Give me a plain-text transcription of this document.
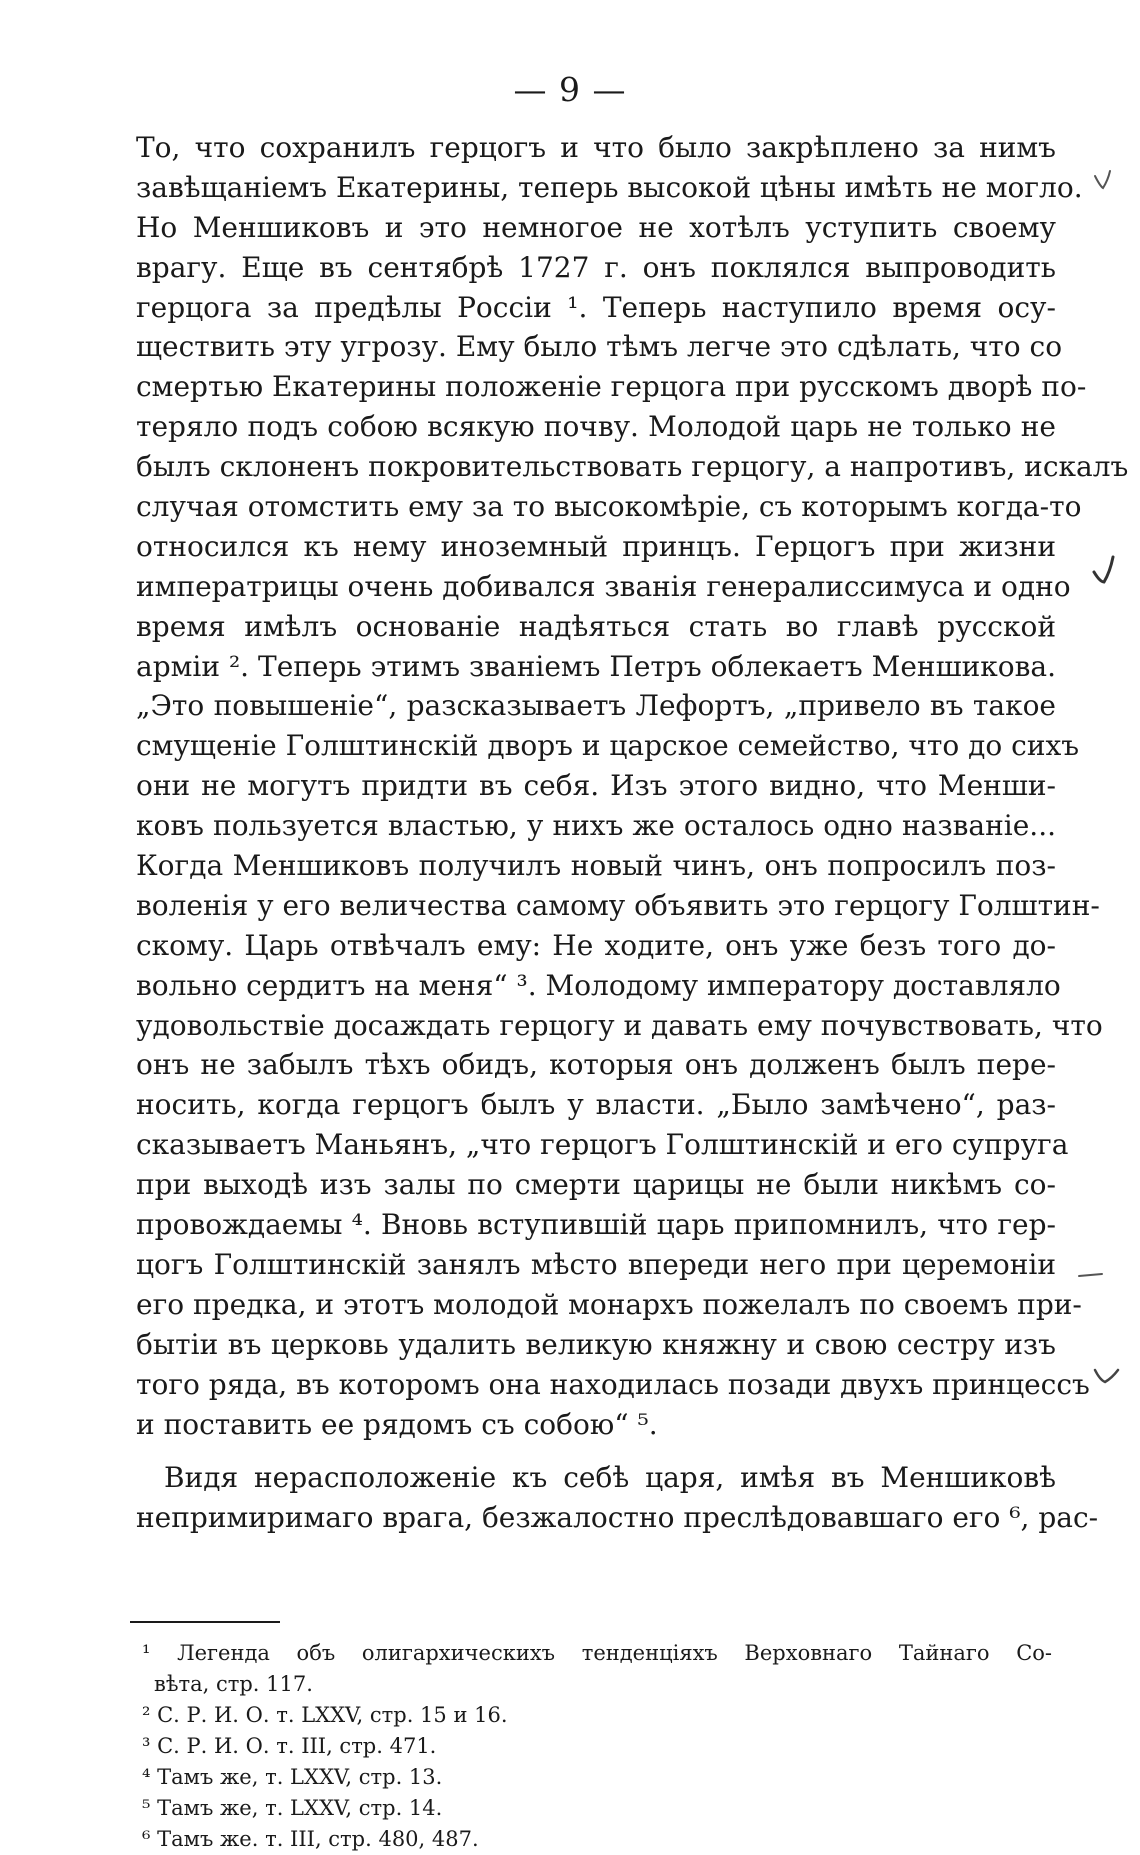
— 9 —
То, что сохранилъ герцогъ и что было закрѣплено за нимъ
завѣщаніемъ Екатерины, теперь высокой цѣны имѣть не могло.
Но Меншиковъ и это немногое не хотѣлъ уступить своему
врагу. Еще въ сентябрѣ 1727 г. онъ поклялся выпроводить
герцога за предѣлы Россіи ¹. Теперь наступило время осу-
ществить эту угрозу. Ему было тѣмъ легче это сдѣлать, что со
смертью Екатерины положеніе герцога при русскомъ дворѣ по-
теряло подъ собою всякую почву. Молодой царь не только не
былъ склоненъ покровительствовать герцогу, а напротивъ, искалъ
случая отомстить ему за то высокомѣріе, съ которымъ когда-то
относился къ нему иноземный принцъ. Герцогъ при жизни
императрицы очень добивался званія генералиссимуса и одно
время имѣлъ основаніе надѣяться стать во главѣ русской
арміи ². Теперь этимъ званіемъ Петръ облекаетъ Меншикова.
„Это повышеніе“, разсказываетъ Лефортъ, „привело въ такое
смущеніе Голштинскій дворъ и царское семейство, что до сихъ
они не могутъ придти въ себя. Изъ этого видно, что Менши-
ковъ пользуется властью, у нихъ же осталось одно названіе...
Когда Меншиковъ получилъ новый чинъ, онъ попросилъ поз-
воленія у его величества самому объявить это герцогу Голштин-
скому. Царь отвѣчалъ ему: Не ходите, онъ уже безъ того до-
вольно сердитъ на меня“ ³. Молодому императору доставляло
удовольствіе досаждать герцогу и давать ему почувствовать, что
онъ не забылъ тѣхъ обидъ, которыя онъ долженъ былъ пере-
носить, когда герцогъ былъ у власти. „Было замѣчено“, раз-
сказываетъ Маньянъ, „что герцогъ Голштинскій и его супруга
при выходѣ изъ залы по смерти царицы не были никѣмъ со-
провождаемы ⁴. Вновь вступившій царь припомнилъ, что гер-
цогъ Голштинскій занялъ мѣсто впереди него при церемоніи
его предка, и этотъ молодой монархъ пожелалъ по своемъ при-
бытіи въ церковь удалить великую княжну и свою сестру изъ
того ряда, въ которомъ она находилась позади двухъ принцессъ
и поставить ее рядомъ съ собою“ ⁵.
Видя нерасположеніе къ себѣ царя, имѣя въ Меншиковѣ
непримиримаго врага, безжалостно преслѣдовавшаго его ⁶, рас-
¹ Легенда объ олигархическихъ тенденціяхъ Верховнаго Тайнаго Со-
вѣта, стр. 117.
² С. Р. И. О. т. LXXV, стр. 15 и 16.
³ С. Р. И. О. т. III, стр. 471.
⁴ Тамъ же, т. LXXV, стр. 13.
⁵ Тамъ же, т. LXXV, стр. 14.
⁶ Тамъ же. т. III, стр. 480, 487.
